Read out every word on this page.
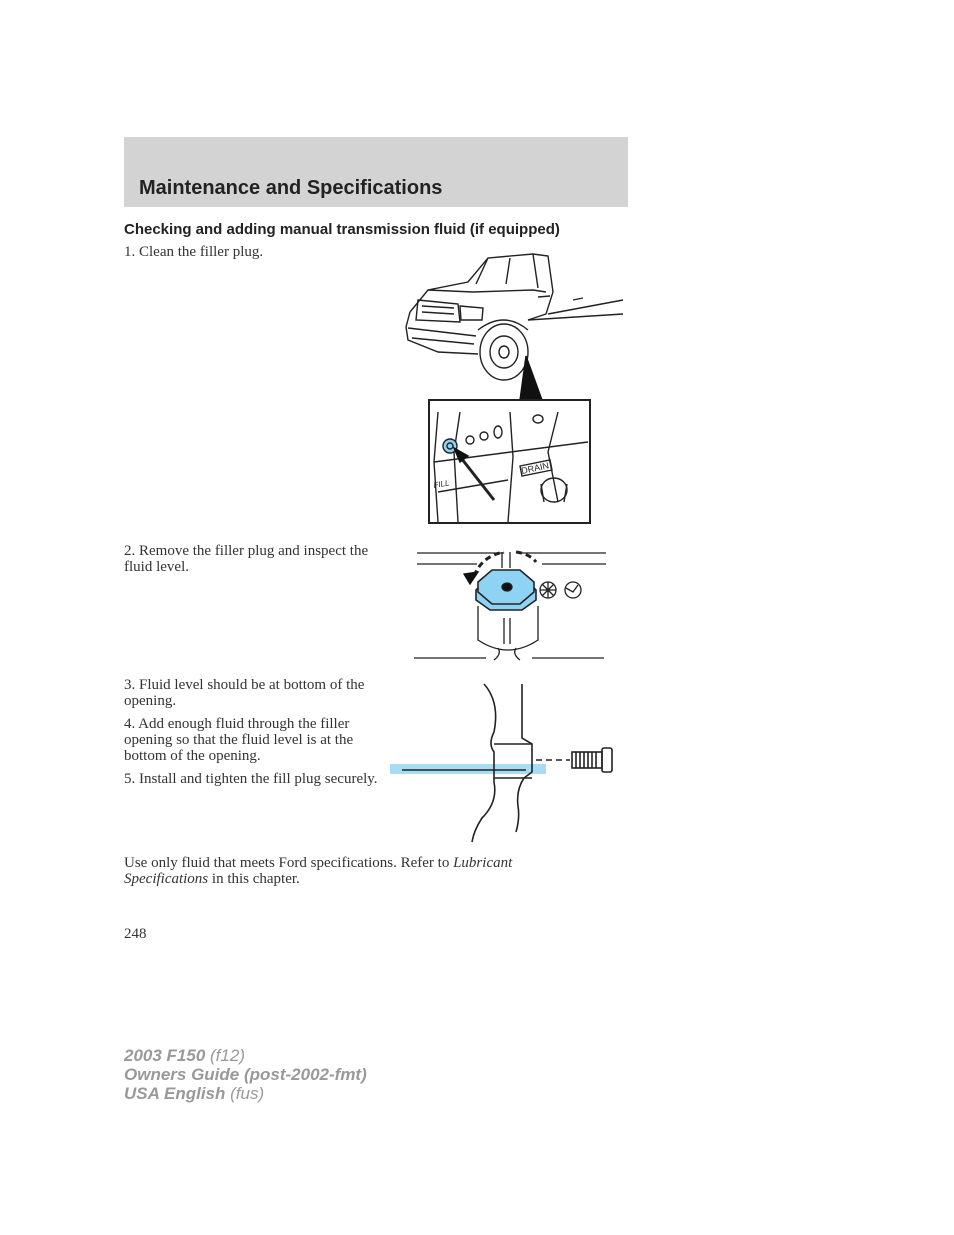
Maintenance and Specifications
Checking and adding manual transmission fluid (if equipped)

1. Clean the filler plug.

2. Remove the filler plug and inspect the fluid level.

3. Fluid level should be at bottom of the opening.

4. Add enough fluid through the filler opening so that the fluid level is at the bottom of the opening.

5. Install and tighten the fill plug securely.

DRAIN
FILL

Use only fluid that meets Ford specifications. Refer to Lubricant Specifications in this chapter.

248

2003 F150 (f12)
Owners Guide (post-2002-fmt)
USA English (fus)
